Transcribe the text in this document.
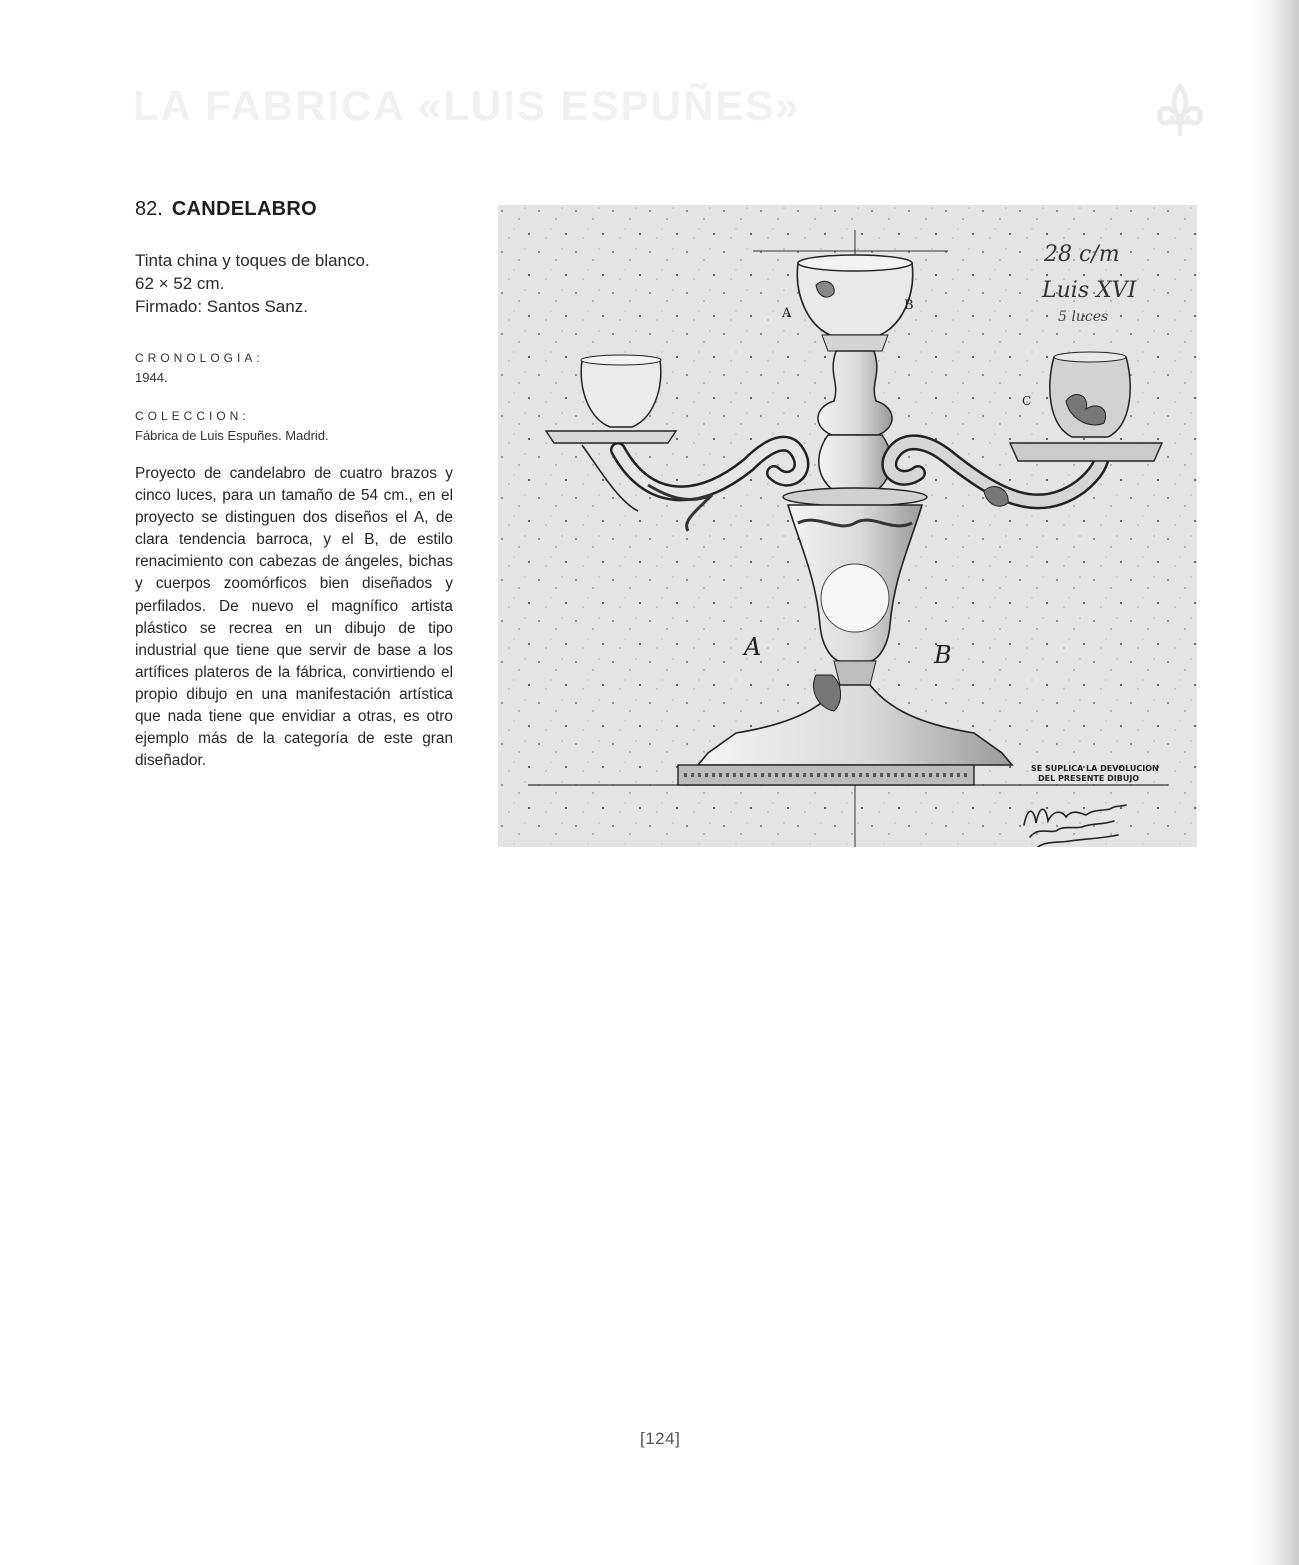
LA FABRICA «LUIS ESPUÑES»
82. CANDELABRO
Tinta china y toques de blanco.
62 × 52 cm.
Firmado: Santos Sanz.
CRONOLOGIA:
1944.
COLECCION:
Fábrica de Luis Espuñes. Madrid.
Proyecto de candelabro de cuatro brazos y cinco luces, para un tamaño de 54 cm., en el proyecto se distinguen dos diseños el A, de clara tendencia barroca, y el B, de estilo renacimiento con cabezas de ángeles, bichas y cuerpos zoomórficos bien diseñados y perfilados. De nuevo el magnífico artista plástico se recrea en un dibujo de tipo industrial que tiene que servir de base a los artífices plateros de la fábrica, convirtiendo el propio dibujo en una manifestación artística que nada tiene que envidiar a otras, es otro ejemplo más de la categoría de este gran diseñador.
A
B
C
A	B
28 c/m
Luis XVI
5 luces
SE SUPLICA LA DEVOLUCION
DEL PRESENTE DIBUJO
[124]
